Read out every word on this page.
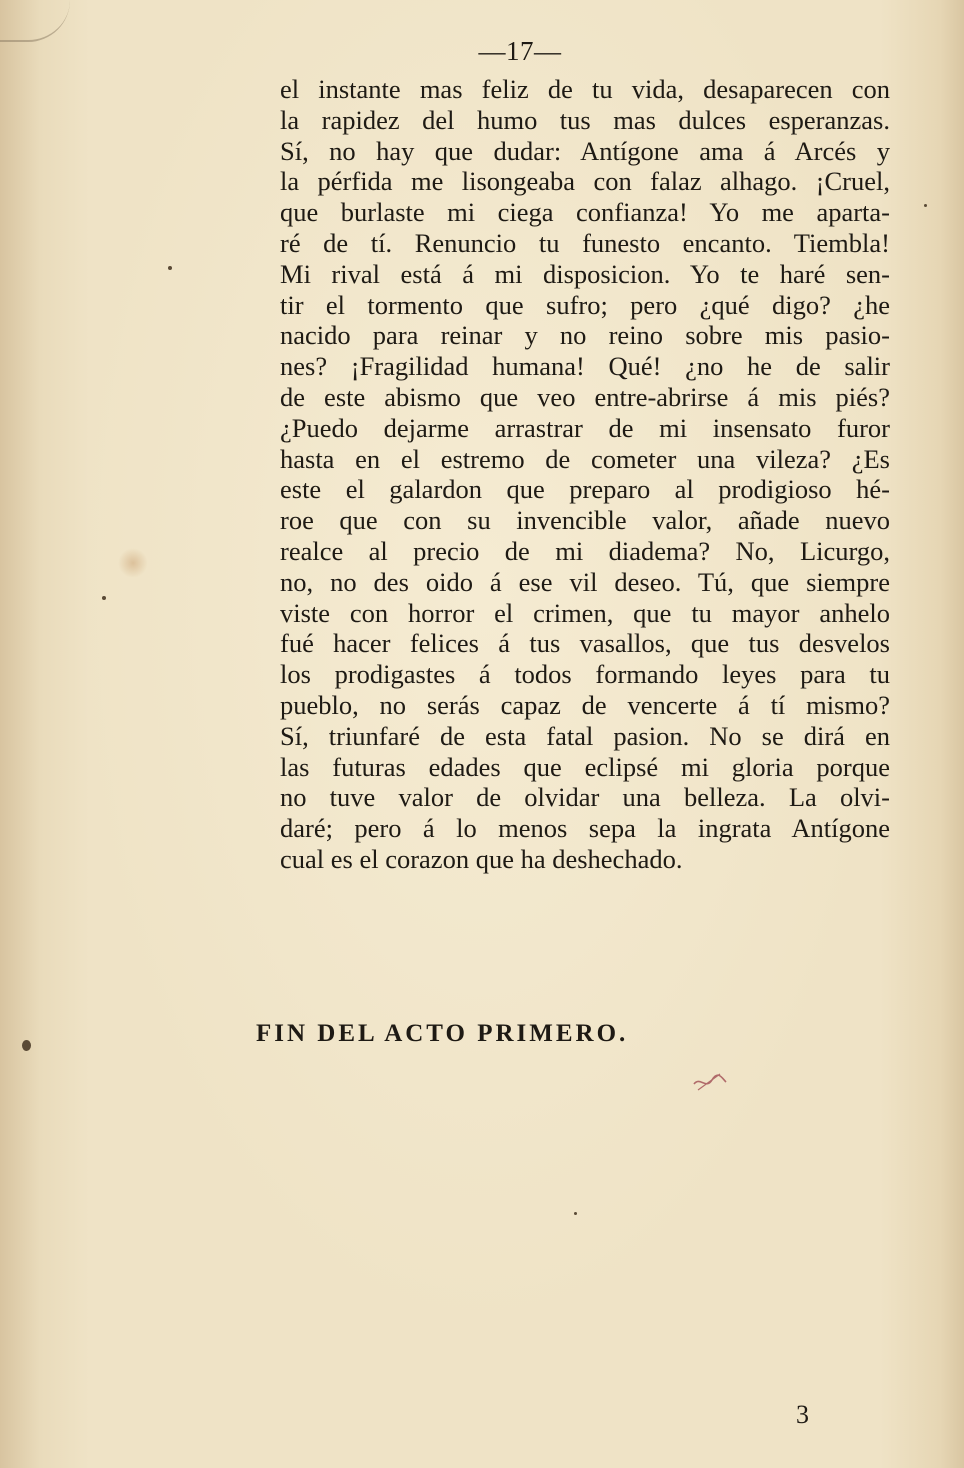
—17—
el instante mas feliz de tu vida, desaparecen con
la rapidez del humo tus mas dulces esperanzas.
Sí, no hay que dudar: Antígone ama á Arcés y
la pérfida me lisongeaba con falaz alhago. ¡Cruel,
que burlaste mi ciega confianza! Yo me aparta-
ré de tí. Renuncio tu funesto encanto. Tiembla!
Mi rival está á mi disposicion. Yo te haré sen-
tir el tormento que sufro; pero ¿qué digo? ¿he
nacido para reinar y no reino sobre mis pasio-
nes? ¡Fragilidad humana! Qué! ¿no he de salir
de este abismo que veo entre-abrirse á mis piés?
¿Puedo dejarme arrastrar de mi insensato furor
hasta en el estremo de cometer una vileza? ¿Es
este el galardon que preparo al prodigioso hé-
roe que con su invencible valor, añade nuevo
realce al precio de mi diadema? No, Licurgo,
no, no des oido á ese vil deseo. Tú, que siempre
viste con horror el crimen, que tu mayor anhelo
fué hacer felices á tus vasallos, que tus desvelos
los prodigastes á todos formando leyes para tu
pueblo, no serás capaz de vencerte á tí mismo?
Sí, triunfaré de esta fatal pasion. No se dirá en
las futuras edades que eclipsé mi gloria porque
no tuve valor de olvidar una belleza. La olvi-
daré; pero á lo menos sepa la ingrata Antígone
cual es el corazon que ha deshechado.
FIN DEL ACTO PRIMERO.
3
